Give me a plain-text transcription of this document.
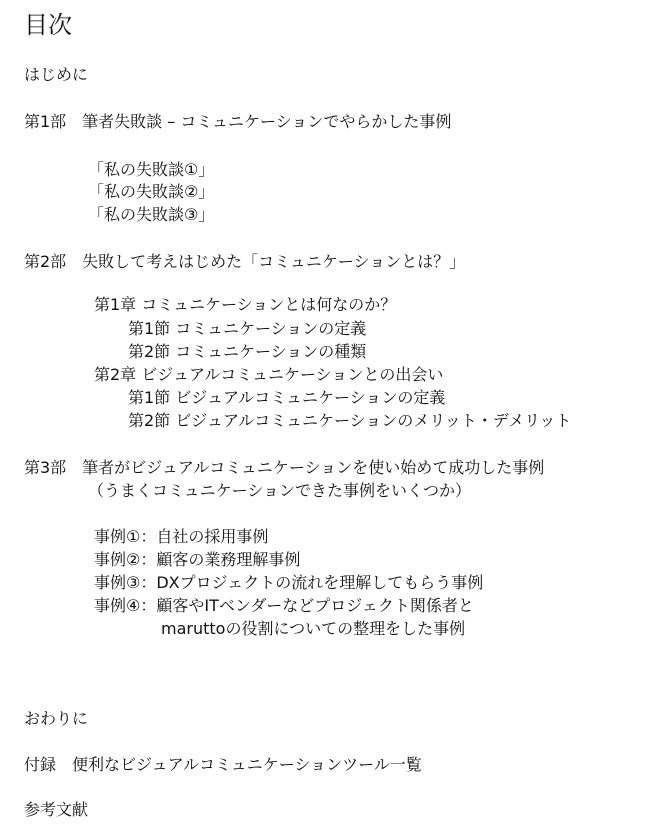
目次
はじめに
第1部　筆者失敗談 – コミュニケーションでやらかした事例
「私の失敗談①」
「私の失敗談②」
「私の失敗談③」
第2部　失敗して考えはじめた「コミュニケーションとは？」
第1章 コミュニケーションとは何なのか？
第1節 コミュニケーションの定義
第2節 コミュニケーションの種類
第2章 ビジュアルコミュニケーションとの出会い
第1節 ビジュアルコミュニケーションの定義
第2節 ビジュアルコミュニケーションのメリット・デメリット
第3部　筆者がビジュアルコミュニケーションを使い始めて成功した事例
（うまくコミュニケーションできた事例をいくつか）
事例①：自社の採用事例
事例②：顧客の業務理解事例
事例③：DXプロジェクトの流れを理解してもらう事例
事例④：顧客やITベンダーなどプロジェクト関係者と
maruttoの役割についての整理をした事例
おわりに
付録　便利なビジュアルコミュニケーションツール一覧
参考文献
